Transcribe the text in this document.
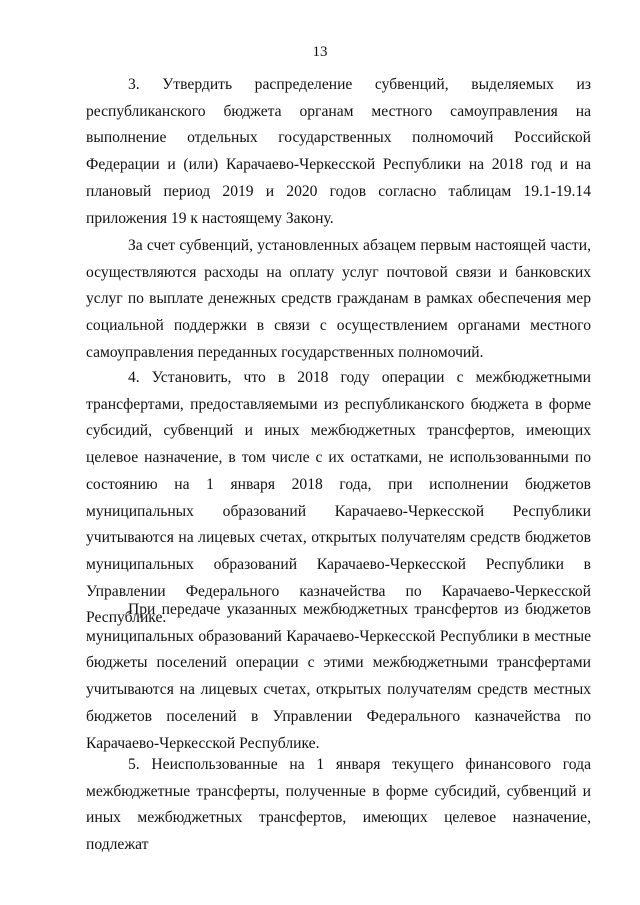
13

3. Утвердить распределение субвенций, выделяемых из республиканского бюджета органам местного самоуправления на выполнение отдельных государственных полномочий Российской Федерации и (или) Карачаево-Черкесской Республики на 2018 год и на плановый период 2019 и 2020 годов согласно таблицам 19.1-19.14 приложения 19 к настоящему Закону.

За счет субвенций, установленных абзацем первым настоящей части, осуществляются расходы на оплату услуг почтовой связи и банковских услуг по выплате денежных средств гражданам в рамках обеспечения мер социальной поддержки в связи с осуществлением органами местного самоуправления переданных государственных полномочий.

4. Установить, что в 2018 году операции с межбюджетными трансфертами, предоставляемыми из республиканского бюджета в форме субсидий, субвенций и иных межбюджетных трансфертов, имеющих целевое назначение, в том числе с их остатками, не использованными по состоянию на 1 января 2018 года, при исполнении бюджетов муниципальных образований Карачаево-Черкесской Республики учитываются на лицевых счетах, открытых получателям средств бюджетов муниципальных образований Карачаево-Черкесской Республики в Управлении Федерального казначейства по Карачаево-Черкесской Республике.

При передаче указанных межбюджетных трансфертов из бюджетов муниципальных образований Карачаево-Черкесской Республики в местные бюджеты поселений операции с этими межбюджетными трансфертами учитываются на лицевых счетах, открытых получателям средств местных бюджетов поселений в Управлении Федерального казначейства по Карачаево-Черкесской Республике.

5. Неиспользованные на 1 января текущего финансового года межбюджетные трансферты, полученные в форме субсидий, субвенций и иных межбюджетных трансфертов, имеющих целевое назначение, подлежат
